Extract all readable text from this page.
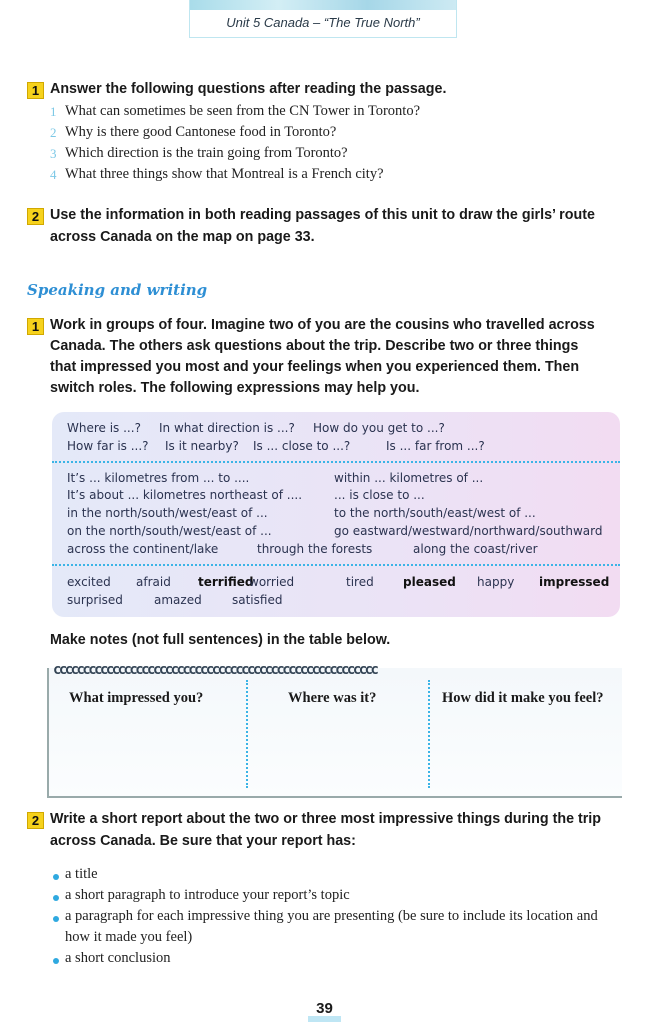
Unit 5 Canada – “The True North”
1 Answer the following questions after reading the passage.
1 What can sometimes be seen from the CN Tower in Toronto?
2 Why is there good Cantonese food in Toronto?
3 Which direction is the train going from Toronto?
4 What three things show that Montreal is a French city?
2 Use the information in both reading passages of this unit to draw the girls’ route
across Canada on the map on page 33.
Speaking and writing
1 Work in groups of four. Imagine two of you are the cousins who travelled across
Canada. The others ask questions about the trip. Describe two or three things
that impressed you most and your feelings when you experienced them. Then
switch roles. The following expressions may help you.
Where is ...? In what direction is ...? How do you get to ...?
How far is ...? Is it nearby? Is ... close to ...?	Is ... far from ...?
It’s ... kilometres from ... to ....
It’s about ... kilometres northeast of ....
in the north/south/west/east of ...
on the north/south/west/east of ...
within ... kilometres of ...
... is close to ...
to the north/south/east/west of ...
go eastward/westward/northward/southward
across the continent/lake	through the forests	along the coast/river
excited afraid terrified
worried	tired pleased happy impressed
surprised	amazed	satisfied
Make notes (not full sentences) in the table below.
ccccccccccccccccccccccccccccccccccccccccccccccccccccccc
What impressed you?	Where was it?	How did it make you feel?
2 Write a short report about the two or three most impressive things during the trip
across Canada. Be sure that your report has:
a title
a short paragraph to introduce your report’s topic
a paragraph for each impressive thing you are presenting (be sure to include its location and
how it made you feel)
a short conclusion
39
